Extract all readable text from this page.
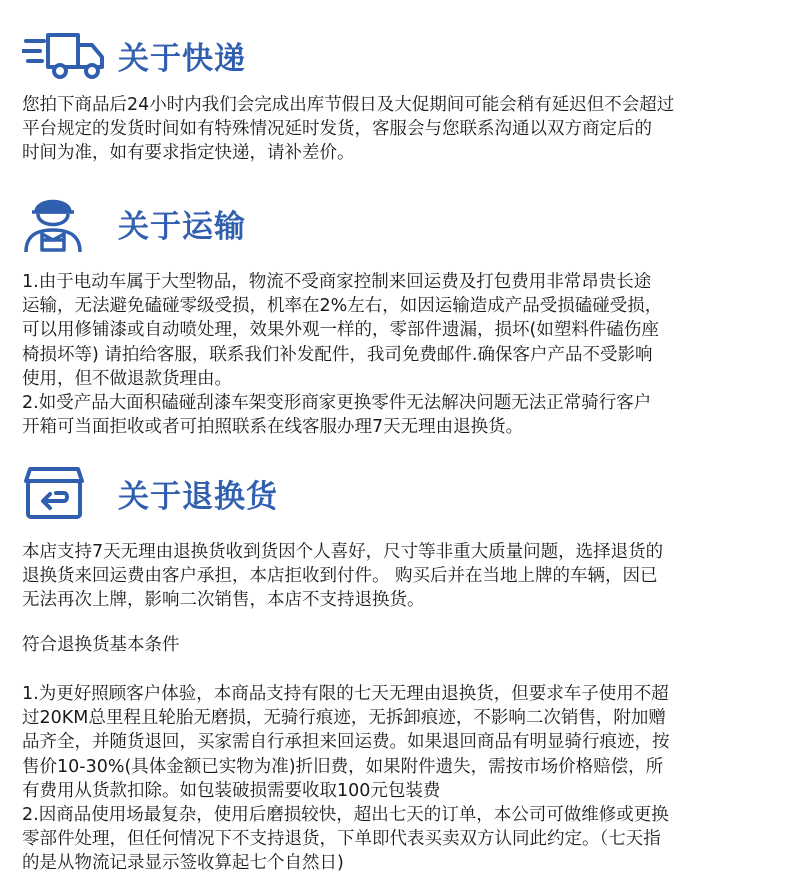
关于快递

您拍下商品后24小时内我们会完成出库节假日及大促期间可能会稍有延迟但不会超过

平台规定的发货时间如有特殊情况延时发货，客服会与您联系沟通以双方商定后的

时间为准，如有要求指定快递，请补差价。

关于运输

1.由于电动车属于大型物品，物流不受商家控制来回运费及打包费用非常昂贵长途

运输，无法避免磕碰零级受损，机率在2%左右，如因运输造成产品受损磕碰受损，

可以用修铺漆或自动喷处理，效果外观一样的，零部件遗漏，损坏(如塑料件磕伤座

椅损坏等) 请拍给客服，联系我们补发配件，我司免费邮件.确保客户产品不受影响

使用，但不做退款货理由。

2.如受产品大面积磕碰刮漆车架变形商家更换零件无法解决问题无法正常骑行客户

开箱可当面拒收或者可拍照联系在线客服办理7天无理由退换货。

关于退换货

本店支持7天无理由退换货收到货因个人喜好，尺寸等非重大质量问题，选择退货的

退换货来回运费由客户承担，本店拒收到付件。 购买后并在当地上牌的车辆，因已

无法再次上牌，影响二次销售，本店不支持退换货。

符合退换货基本条件

1.为更好照顾客户体验，本商品支持有限的七天无理由退换货，但要求车子使用不超

过20KM总里程且轮胎无磨损，无骑行痕迹，无拆卸痕迹，不影响二次销售，附加赠

品齐全，并随货退回，买家需自行承担来回运费。如果退回商品有明显骑行痕迹，按

售价10-30%(具体金额已实物为准)折旧费，如果附件遗失，需按市场价格赔偿，所

有费用从货款扣除。如包装破损需要收取100元包装费

2.因商品使用场最复杂，使用后磨损较快，超出七天的订单，本公司可做维修或更换

零部件处理，但任何情况下不支持退货，下单即代表买卖双方认同此约定。（七天指

的是从物流记录显示签收算起七个自然日)
